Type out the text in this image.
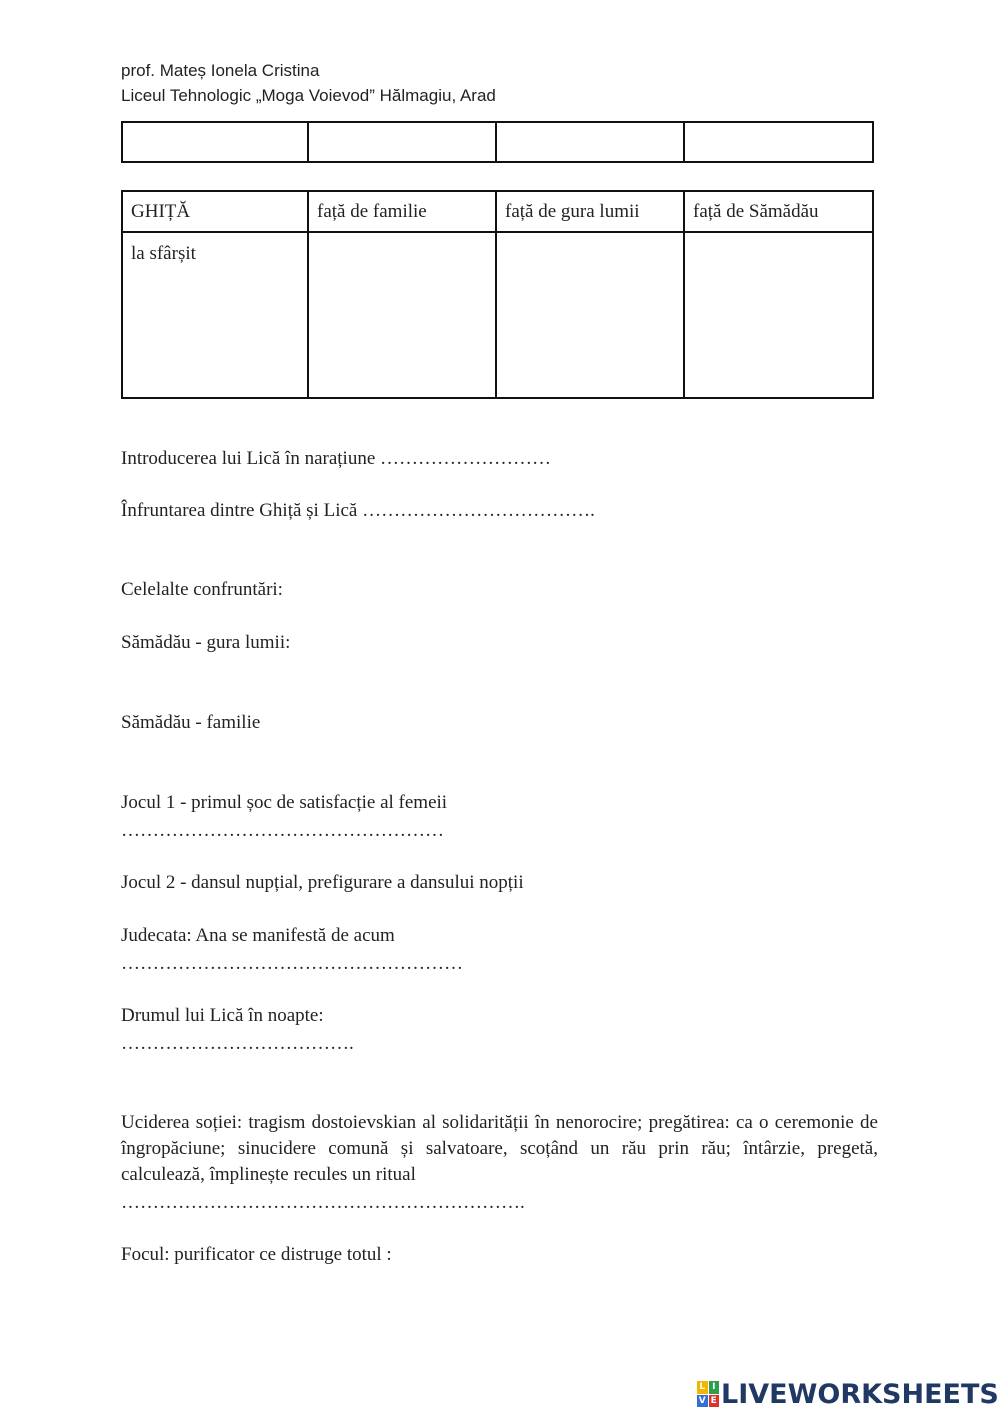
prof. Mateș Ionela Cristina
Liceul Tehnologic „Moga Voievod” Hălmagiu, Arad

GHIȚĂ	față de familie	față de gura lumii	față de Sămădău
la sfârșit			
Introducerea lui Lică în narațiune ………………………
Înfruntarea dintre Ghiță și Lică ……………………………….
Celelalte confruntări:
Sămădău - gura lumii:
Sămădău - familie
Jocul 1 - primul șoc de satisfacție al femeii
……………………………………………
Jocul 2 - dansul nupțial, prefigurare a dansului nopții
Judecata: Ana se manifestă de acum
………………………………………………
Drumul lui Lică în noapte:
……………………………….
Uciderea soției: tragism dostoievskian al solidarității în nenorocire; pregătirea: ca o ceremonie de îngropăciune; sinucidere comună și salvatoare, scoțând un rău prin rău; întârzie, pregetă, calculează, împlinește recules un ritual
……………………………………………………….
Focul: purificator ce distruge totul :
L I
V E LIVEWORKSHEETS
